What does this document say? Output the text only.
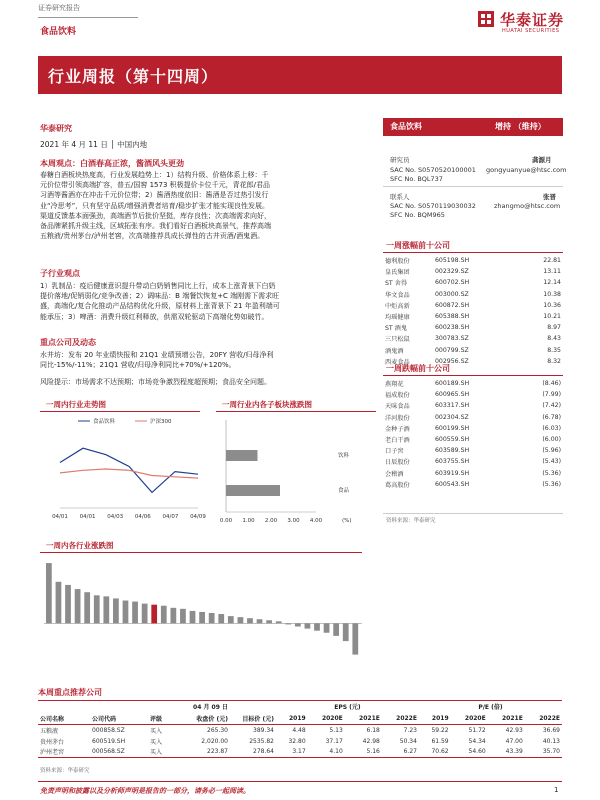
证券研究报告
食品饮料
华泰证券
HUATAI SECURITIES
行业周报（第十四周）
华泰研究
2021 年 4 月 11 日 │ 中国内地
本周观点：白酒春高正浓，酱酒风头更劲
春糖白酒板块热度高，行业发展趋势上：1）结构升级、价格体系上移：千
元价位带引领高端扩容，普五/国窖 1573 积极提价卡位千元，青花郎/君品
习酒等酱酒亦在冲击千元价位带；2）酱酒热度依旧：酱酒是否过热引发行
业“冷思考”，只有坚守品质/增强消费者培育/稳步扩张才能实现良性发展。
渠道反馈基本面强劲，高端酒节后批价坚挺，库存良性；次高端需求向好，
备品牌紧抓升级主线，区域拓张有序。我们看好白酒板块高景气，推荐高端
五粮液/贵州茅台/泸州老窖，次高端推荐具成长弹性的古井贡酒/酒鬼酒。
子行业观点
1）乳制品：疫后健康意识提升带动白奶销售同比上行，成本上涨背景下白奶
提价落地/促销弱化/竞争改善；2）调味品：B 端餐饮恢复+C 端刚需下需求旺
盛，高端化/复合化推动产品结构优化升级，原材料上涨背景下 21 年盈利端可
能承压；3）啤酒：消费升级红利释放，供需双轮驱动下高端化势如破竹。
重点公司及动态
水井坊：发布 20 年业绩快报和 21Q1 业绩预增公告，20FY 营收/归母净利
同比-15%/-11%；21Q1 营收/归母净利同比+70%/+120%。
风险提示：市场需求不达预期；市场竞争激烈程度超预期；食品安全问题。
食品饮料	增持 （维持）
研究员	龚源月
SAC No. S0570520100001
SFC No. BQL737
gongyuanyue@htsc.com
联系人	张晋
SAC No. S0570119030032
SFC No. BQM965
zhangmo@htsc.com
一周涨幅前十公司
德利股份	605198.SH	22.81
皇氏集团	002329.SZ	13.11
ST 舍得	600702.SH	12.14
华文食品	003000.SZ	10.38
中炬高新	600872.SH	10.36
均瑶健康	605388.SH	10.21
ST 酒鬼	600238.SH	8.97
三只松鼠	300783.SZ	8.43
酒鬼酒	000799.SZ	8.35
西麦食品	002956.SZ	8.32
一周跌幅前十公司
燕翔花	600189.SH	(8.46)
福成股份	600965.SH	(7.99)
天味食品	603317.SH	(7.42)
洋河股份	002304.SZ	(6.78)
金种子酒	600199.SH	(6.03)
老白干酒	600559.SH	(6.00)
口子窖	603589.SH	(5.96)
日辰股份	603755.SH	(5.43)
会稽酒	603919.SH	(5.36)
葛高股份	600543.SH	(5.36)
资料来源：华泰研究
一周内行业走势图
食品饮料	沪深300
04/01 04/01 04/03 04/06 04/07 04/09
一周行业内各子板块涨跌图
饮料
食品
0.00 1.00 2.00 3.00 4.00	(%)
一周内各行业涨跌图
本周重点推荐公司
			04 月 09 日		EPS (元)				P/E (倍)			
公司名称	公司代码	评级	收盘价 (元)	目标价 (元)	2019	2020E	2021E	2022E	2019	2020E	2021E	2022E
五粮液	000858.SZ	买入	265.30	389.34	4.48	5.13	6.18	7.23	59.22	51.72	42.93	36.69
贵州茅台	600519.SH	买入	2,020.00	2535.82	32.80	37.17	42.98	50.34	61.59	54.34	47.00	40.13
泸州老窖	000568.SZ	买入	223.87	278.64	3.17	4.10	5.16	6.27	70.62	54.60	43.39	35.70
资料来源：华泰研究
免责声明和披露以及分析师声明是报告的一部分，请务必一起阅读。	1
